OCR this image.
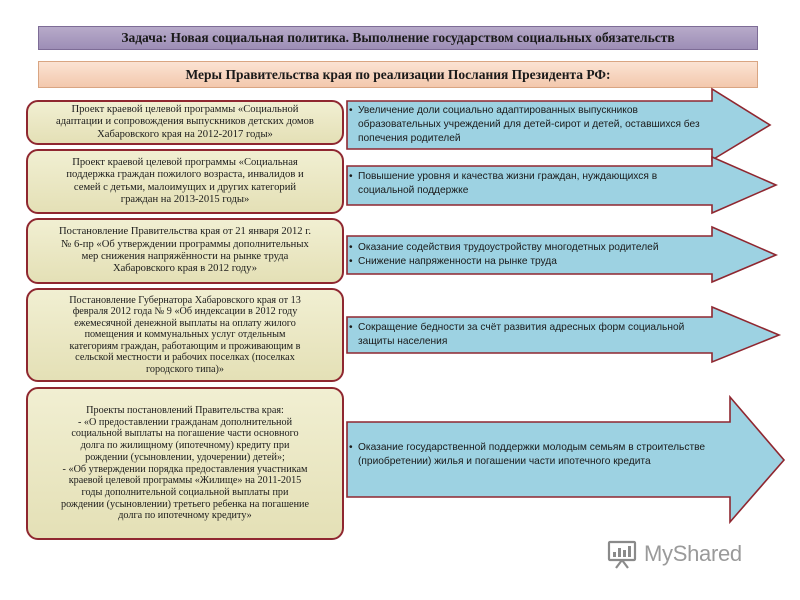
Задача: Новая социальная политика. Выполнение государством социальных обязательств
Меры Правительства края по реализации Послания Президента РФ:
Проект краевой целевой программы «Социальной
адаптации и сопровождения выпускников детских домов
Хабаровского края на 2012-2017 годы»
Проект краевой целевой программы «Социальная
поддержка граждан пожилого возраста, инвалидов и
семей с детьми, малоимущих и других категорий
граждан на 2013-2015 годы»
Постановление Правительства края от 21 января 2012 г.
№ 6-пр «Об утверждении программы дополнительных
мер снижения напряжённости на рынке труда
Хабаровского края в 2012 году»
Постановление Губернатора Хабаровского края от 13
февраля 2012 года № 9 «Об индексации в 2012 году
ежемесячной денежной выплаты на оплату жилого
помещения и коммунальных услуг отдельным
категориям граждан, работающим и проживающим в
сельской местности и рабочих поселках (поселках
городского типа)»
Проекты постановлений Правительства края:
- «О предоставлении гражданам дополнительной
социальной выплаты на погашение части основного
долга по жилищному (ипотечному) кредиту при
рождении (усыновлении, удочерении) детей»;
- «Об утверждении порядка предоставления участникам
краевой целевой программы «Жилище» на 2011-2015
годы дополнительной социальной выплаты при
рождении (усыновлении) третьего ребенка на погашение
долга по ипотечному кредиту»
• Увеличение доли социально адаптированных выпускников образовательных учреждений для детей-сирот и детей, оставшихся без попечения родителей
• Повышение уровня и качества жизни граждан, нуждающихся в социальной поддержке
• Оказание содействия трудоустройству многодетных родителей
• Снижение напряженности на рынке труда
• Сокращение бедности за счёт развития адресных форм социальной защиты населения
• Оказание государственной поддержки молодым семьям в строительстве (приобретении) жилья и погашении части ипотечного кредита
MyShared
